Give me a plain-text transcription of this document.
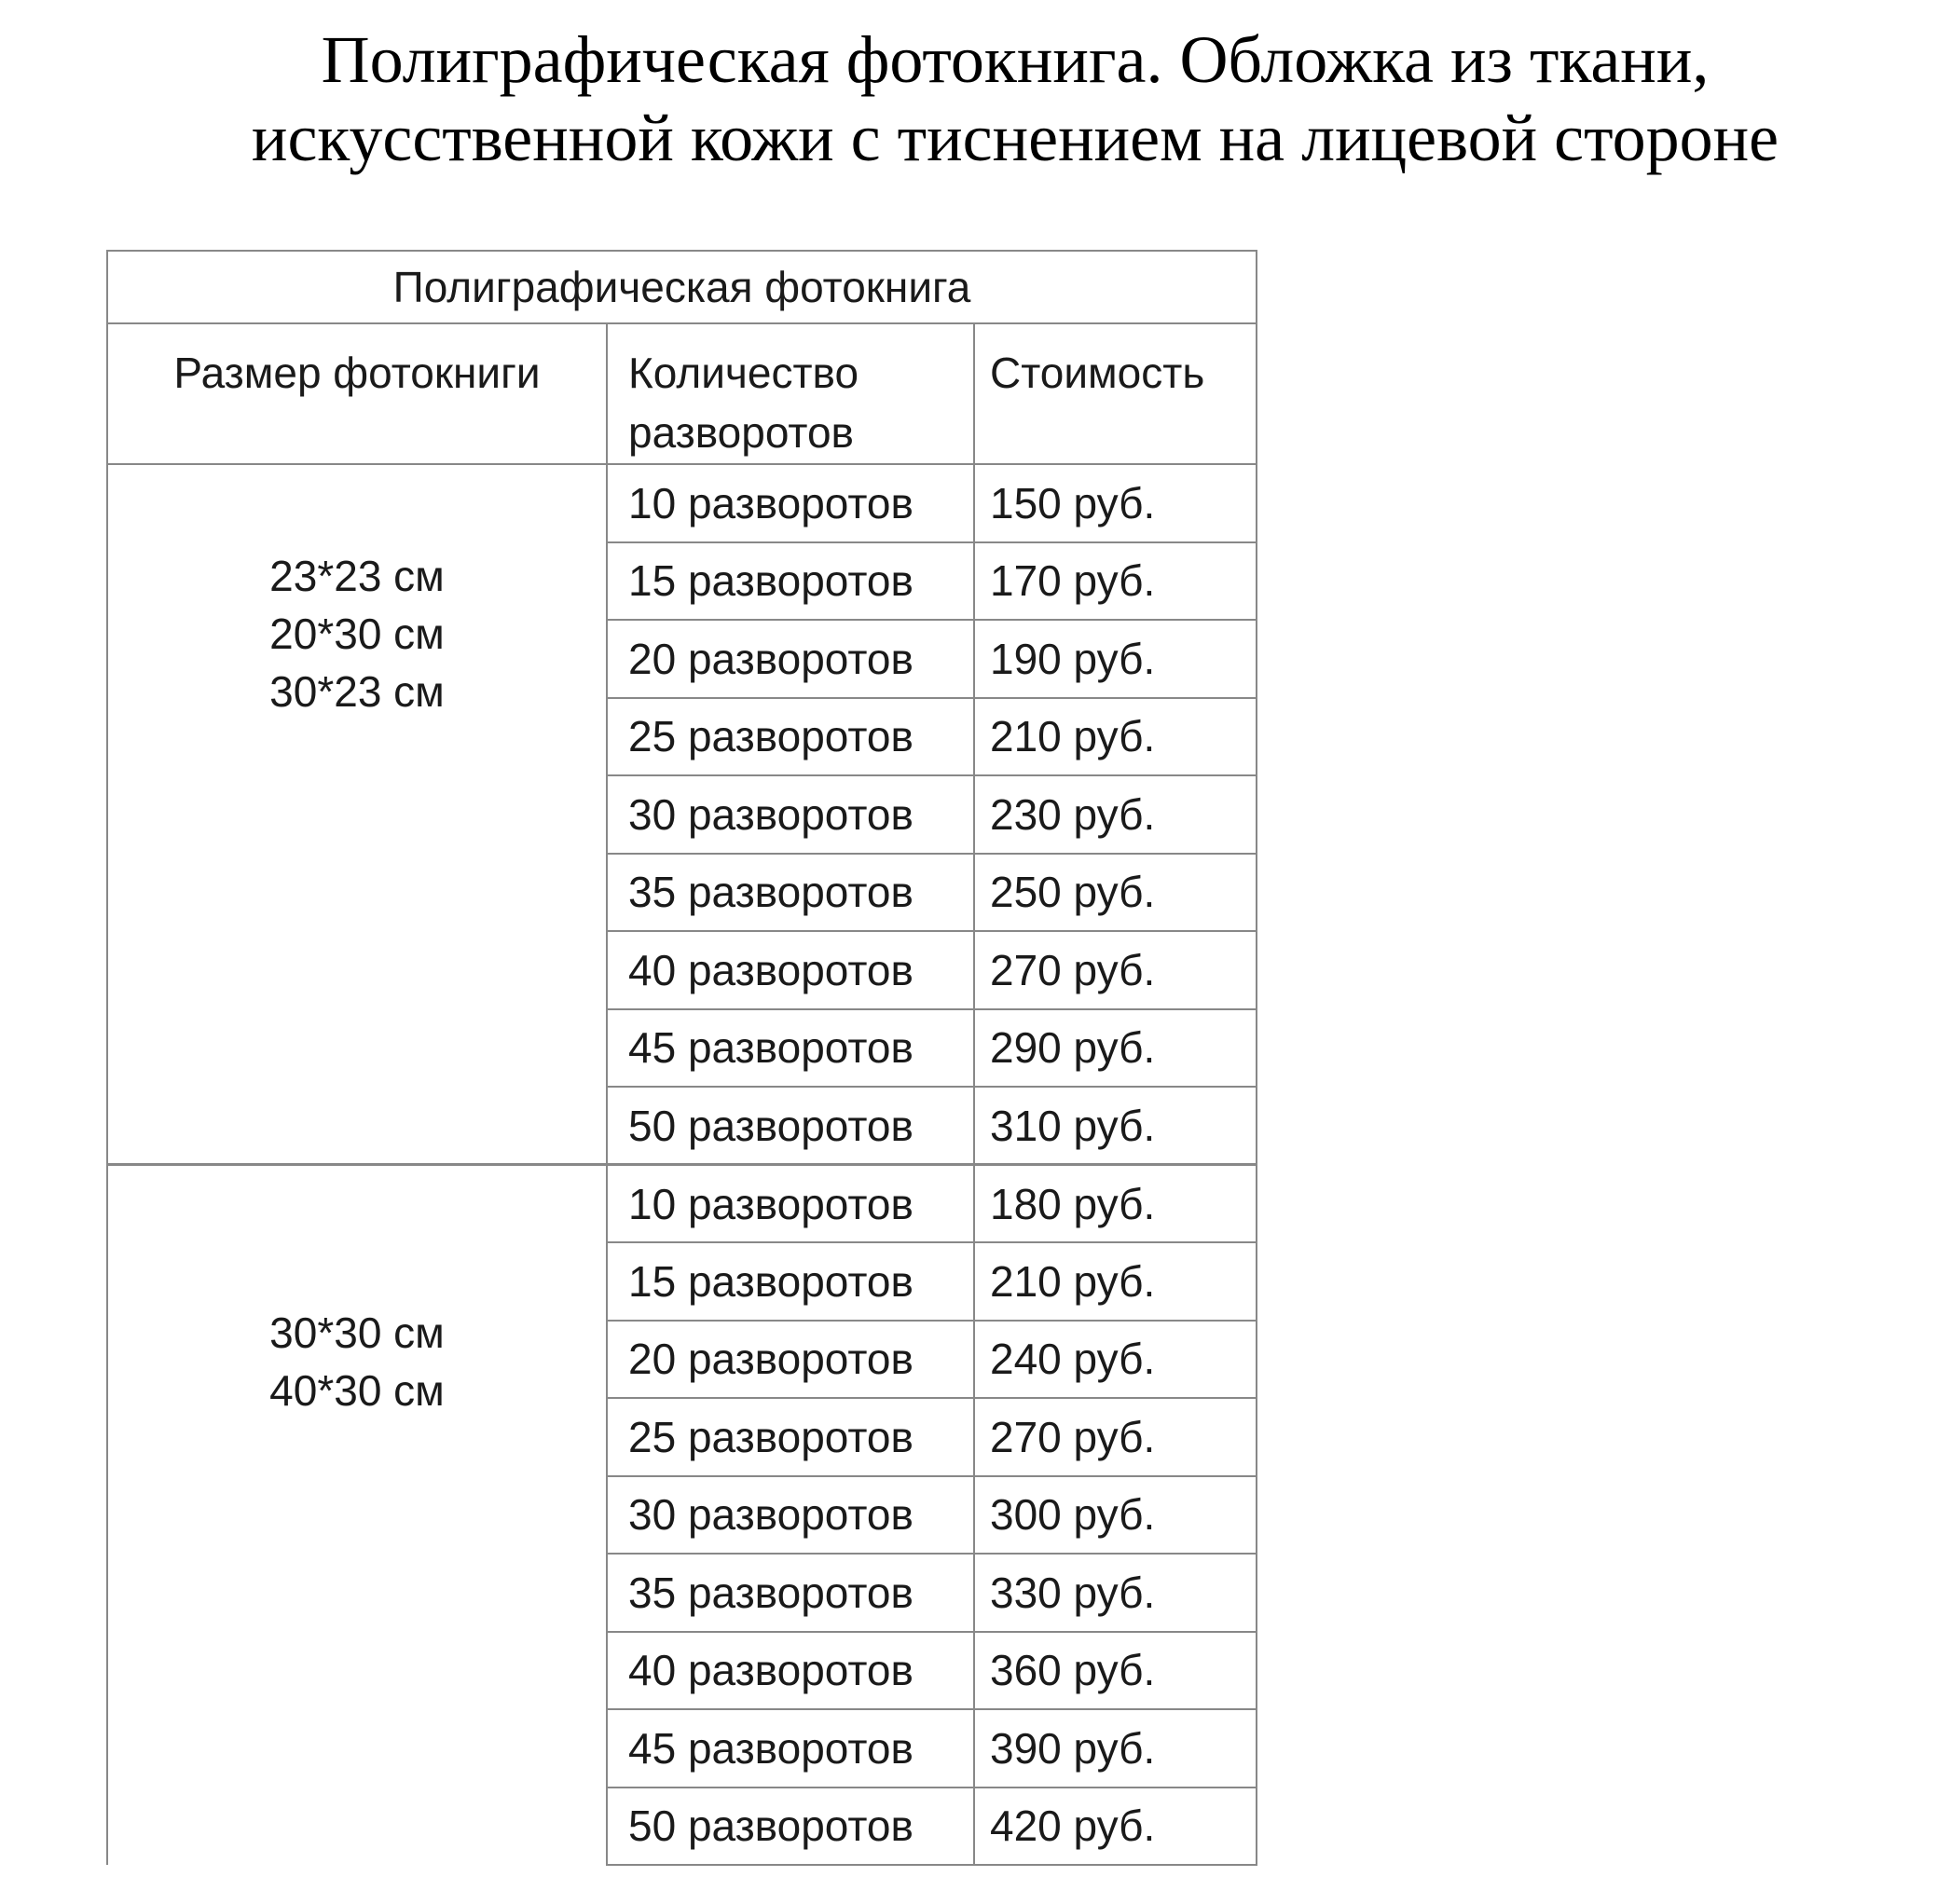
Полиграфическая фотокнига. Обложка из ткани,
искусственной кожи с тиснением на лицевой стороне
Полиграфическая фотокнига		
Размер фотокниги	Количество разворотов	Стоимость

23*23 см
20*30 см
30*23 см	10 разворотов	150 руб.
	15 разворотов	170 руб.
	20 разворотов	190 руб.
	25 разворотов	210 руб.
	30 разворотов	230 руб.
	35 разворотов	250 руб.
	40 разворотов	270 руб.
	45 разворотов	290 руб.
	50 разворотов	310 руб.

30*30 см
40*30 см	10 разворотов	180 руб.
	15 разворотов	210 руб.
	20 разворотов	240 руб.
	25 разворотов	270 руб.
	30 разворотов	300 руб.
	35 разворотов	330 руб.
	40 разворотов	360 руб.
	45 разворотов	390 руб.
	50 разворотов	420 руб.
